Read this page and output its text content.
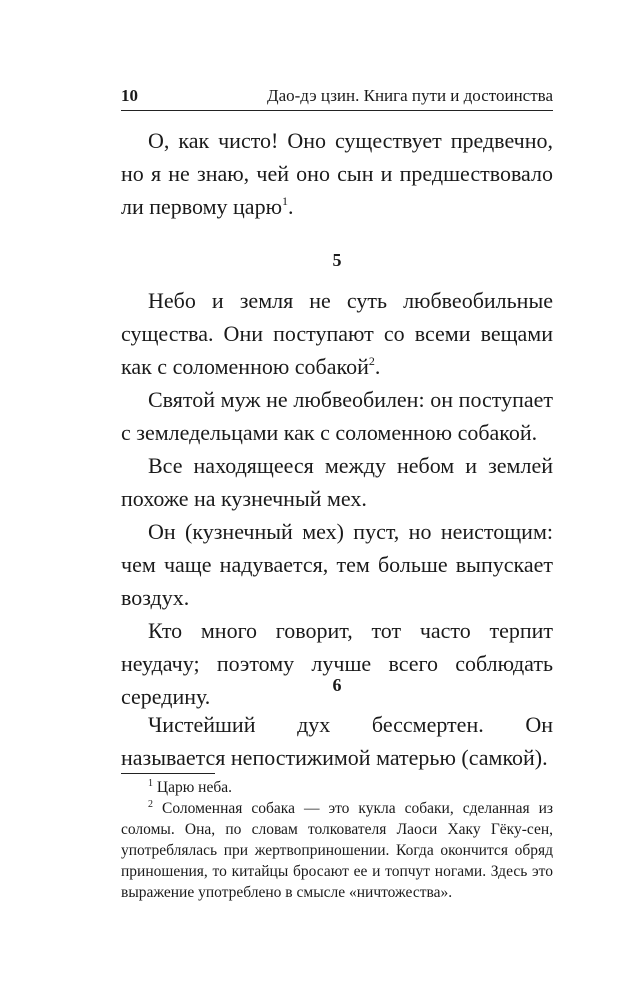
10	Дао-дэ цзин. Книга пути и достоинства

О, как чисто! Оно существует предвечно, но я не знаю, чей оно сын и предшествовало ли первому царю$^1$.

5

Небо и земля не суть любвеобильные существа. Они поступают со всеми вещами как с соломенною собакой$^2$.

Святой муж не любвеобилен: он поступает с земледельцами как с соломенною собакой.

Все находящееся между небом и землей похоже на кузнечный мех.

Он (кузнечный мех) пуст, но неистощим: чем чаще надувается, тем больше выпускает воздух.

Кто много говорит, тот часто терпит неудачу; поэтому лучше всего соблюдать середину.	6

Чистейший дух бессмертен. Он называется непостижимой матерью (самкой).

$^1$ Царю неба.

$^2$ Соломенная собака — это кукла собаки, сделанная из соломы. Она, по словам толкователя Лаоси Хаку Гёку-сен, употреблялась при жертвоприношении. Когда окончится обряд приношения, то китайцы бросают ее и топчут ногами. Здесь это выражение употреблено в смысле «ничтожества».
